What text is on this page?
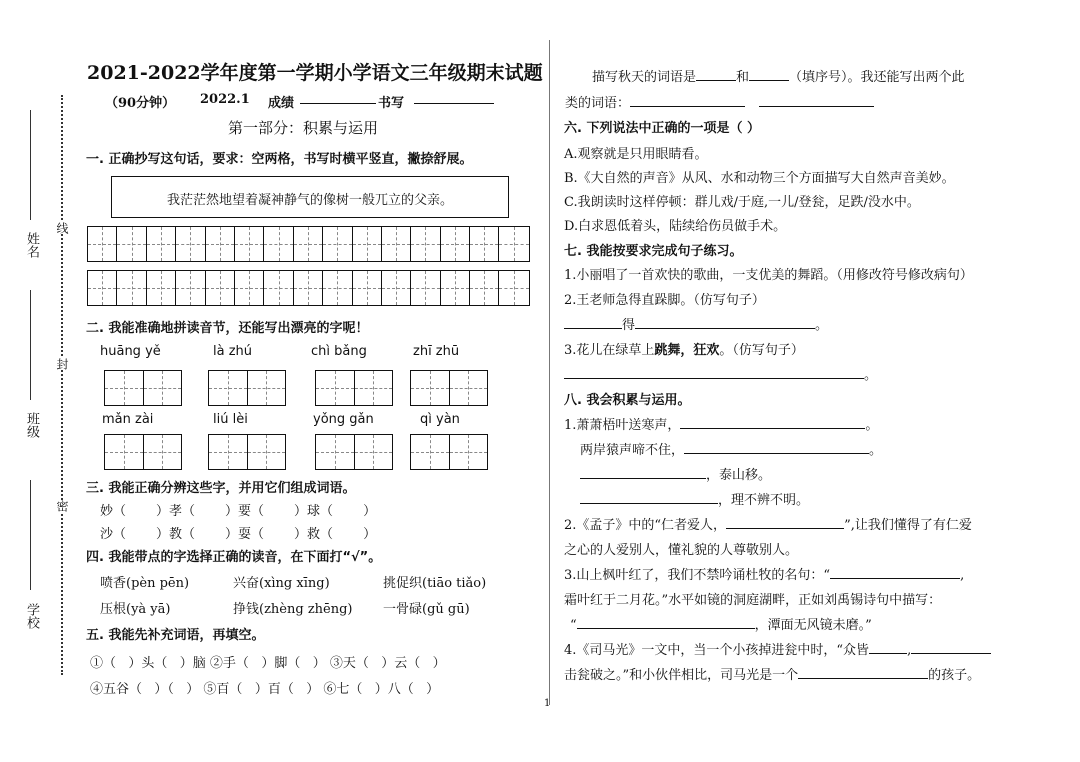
姓名
班级
学校
线
封
密
2021-2022学年度第一学期小学语文三年级期末试题
（90分钟） 2022.1 成绩	书写
第一部分：积累与运用
一. 正确抄写这句话，要求：空两格，书写时横平竖直，撇捺舒展。
我茫茫然地望着凝神静气的像树一般兀立的父亲。
二. 我能准确地拼读音节，还能写出漂亮的字呢！
huāng yě	là zhú	chì bǎng	zhī zhū
mǎn zài	liú lèi	yǒng gǎn	qì yàn
三. 我能正确分辨这些字，并用它们组成词语。
妙（ ）孝（ ）要（ ）球（ ）
沙（ ）教（ ）耍（ ）救（ ）
四. 我能带点的字选择正确的读音，在下面打“√”。
喷香(pèn pēn)	兴奋(xìng xīng)	挑促织(tiāo tiǎo)
压根(yà yā)	挣钱(zhèng zhēng) 一骨碌(gǔ gū)
五. 我能先补充词语，再填空。
①（   ）头（   ）脑 ②手（   ）脚（   ） ③天（   ）云（   ）
④五谷（   ）（   ） ⑤百（   ）百（   ） ⑥七（   ）八（   ）
描写秋天的词语是	和	（填序号）。我还能写出两个此
类的词语：
六. 下列说法中正确的一项是（ ）
A.观察就是只用眼睛看。
B.《大自然的声音》从风、水和动物三个方面描写大自然声音美妙。
C.我朗读时这样停顿：群儿戏/于庭,一儿/登瓮，足跌/没水中。
D.白求恩低着头，陆续给伤员做手术。
七. 我能按要求完成句子练习。
1.小丽唱了一首欢快的歌曲，一支优美的舞蹈。（用修改符号修改病句）
2.王老师急得直跺脚。（仿写句子）
得	。
3.花儿在绿草上跳舞，狂欢。（仿写句子）
。
八. 我会积累与运用。
1.萧萧梧叶送寒声，	。
两岸猿声啼不住，	。
，泰山移。
，理不辨不明。
2.《孟子》中的“仁者爱人，	”,让我们懂得了有仁爱
之心的人爱别人，懂礼貌的人尊敬别人。
3.山上枫叶红了，我们不禁吟诵杜牧的名句：“	,
霜叶红于二月花。”水平如镜的洞庭湖畔，正如刘禹锡诗句中描写：
“	，潭面无风镜未磨。”
4.《司马光》一文中，当一个小孩掉进瓮中时，“众皆	,
击瓮破之。”和小伙伴相比，司马光是一个	的孩子。
1
